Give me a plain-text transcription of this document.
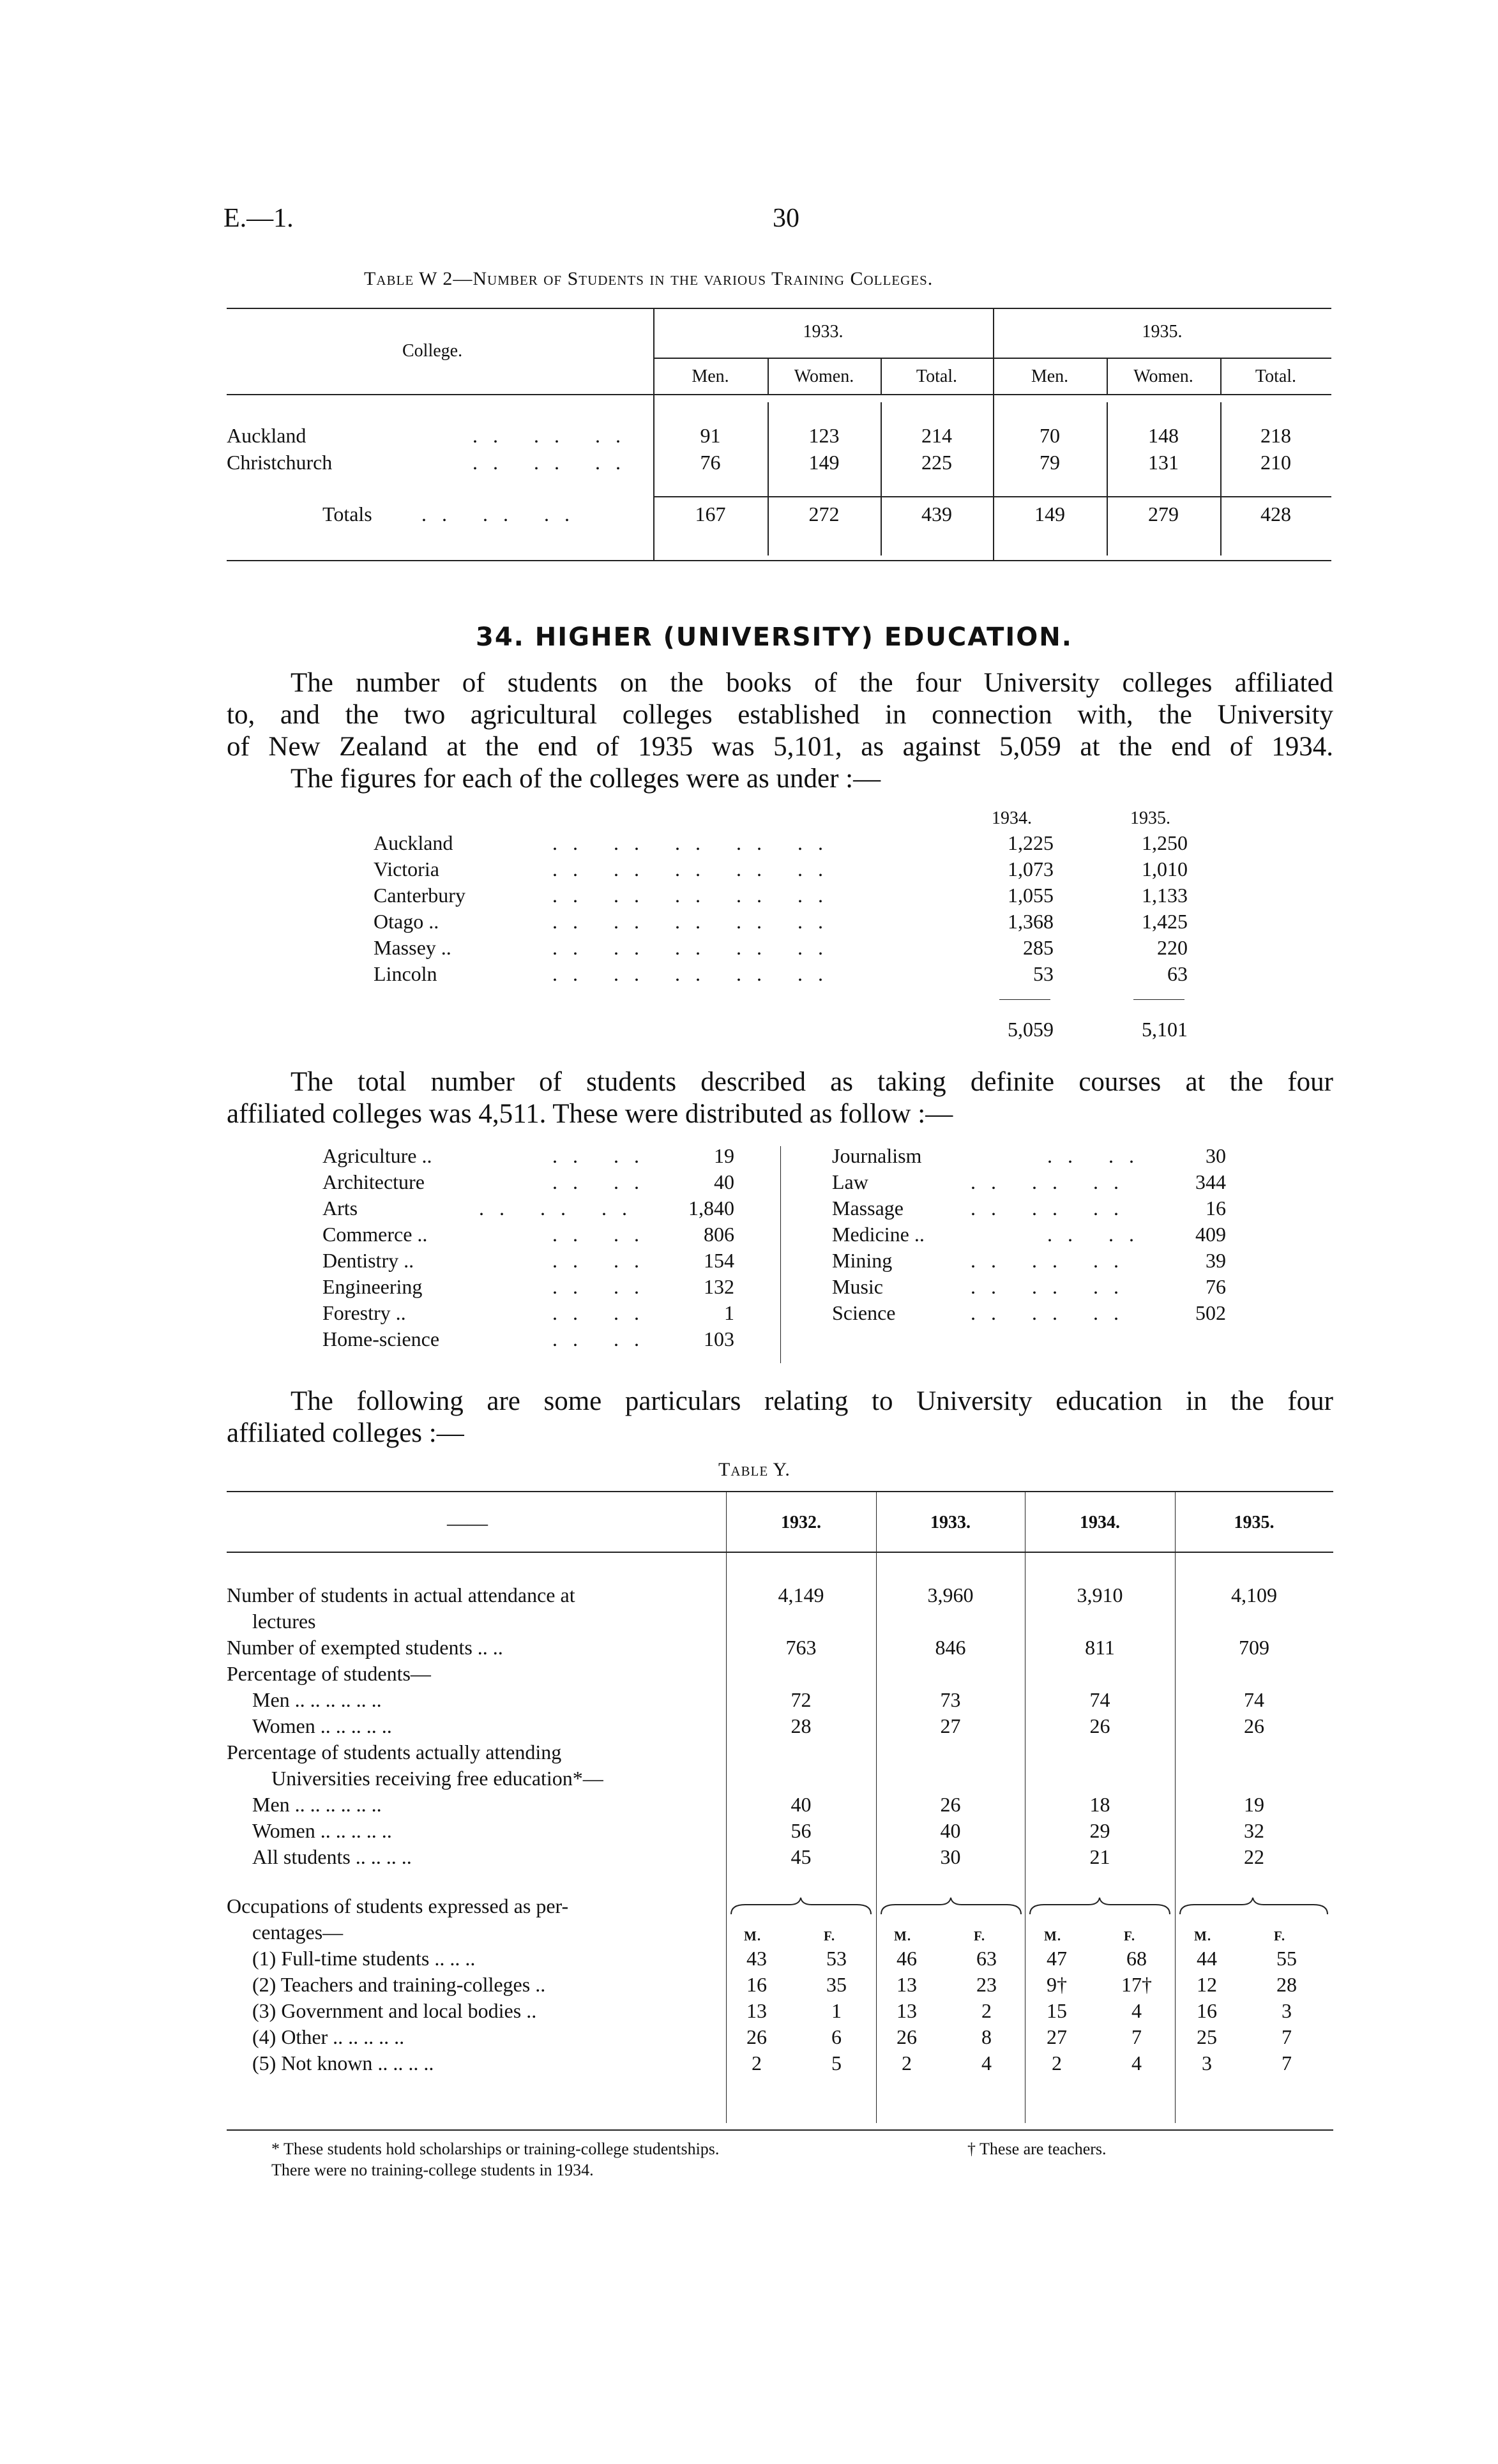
E.—1.	30
Table W 2—Number of Students in the various Training Colleges.
College.
1933.	1935.
Men.	Women.	Total.	Men.	Women.	Total.
Auckland	.. .. ..	91	123	214	70	148	218
Christchurch	.. .. ..	76	149	225	79	131	210
Totals .. .. ..	167	272	439	149	279	428
34. HIGHER (UNIVERSITY) EDUCATION.
The number of students on the books of the four University colleges affiliated
to, and the two agricultural colleges established in connection with, the University
of New Zealand at the end of 1935 was 5,101, as against 5,059 at the end of 1934.
The figures for each of the colleges were as under :—
1934.	1935.
Auckland	.. .. .. .. ..	1,225	1,250
Victoria	.. .. .. .. ..	1,073	1,010
Canterbury	.. .. .. .. ..	1,055	1,133
Otago ..	.. .. .. .. ..	1,368	1,425
Massey ..	.. .. .. .. ..	285	220
Lincoln	.. .. .. .. ..	53	63
5,059	5,101
The total number of students described as taking definite courses at the four
affiliated colleges was 4,511. These were distributed as follow :—
Agriculture ..	.. ..	19
Architecture	.. ..	40
Arts	.. .. ..	1,840
Commerce ..	.. ..	806
Dentistry ..	.. ..	154
Engineering	.. ..	132
Forestry ..	.. ..	1
Home-science	.. ..	103
Journalism	.. ..	30
Law	.. .. ..	344
Massage	.. .. ..	16
Medicine ..	.. ..	409
Mining	.. .. ..	39
Music	.. .. ..	76
Science	.. .. ..	502
The following are some particulars relating to University education in the four
affiliated colleges :—
Table Y.
——	1932.	1933.	1934.	1935.
Number of students in actual attendance at	4,149	3,960	3,910	4,109
lectures
Number of exempted students .. ..	763	846	811	709
Percentage of students—
Men .. .. .. .. .. ..	72	73	74	74
Women .. .. .. .. ..	28	27	26	26
Percentage of students actually attending
Universities receiving free education*—
Men .. .. .. .. .. ..	40	26	18	19
Women .. .. .. .. ..	56	40	29	32
All students .. .. .. ..	45	30	21	22
Occupations of students expressed as per-
centages—	M.	F.	M.	F.	M.	F.	M.	F.
(1) Full-time students .. .. ..	43	53	46	63	47	68	44	55
(2) Teachers and training-colleges ..	16	35	13	23	9†	17†	12	28
(3) Government and local bodies ..	13	1	13	2	15	4	16	3
(4) Other .. .. .. .. ..	26	6	26	8	27	7	25	7
(5) Not known .. .. .. ..	2	5	2	4	2	4	3	7
* These students hold scholarships or training-college studentships.
There were no training-college students in 1934.
† These are teachers.
